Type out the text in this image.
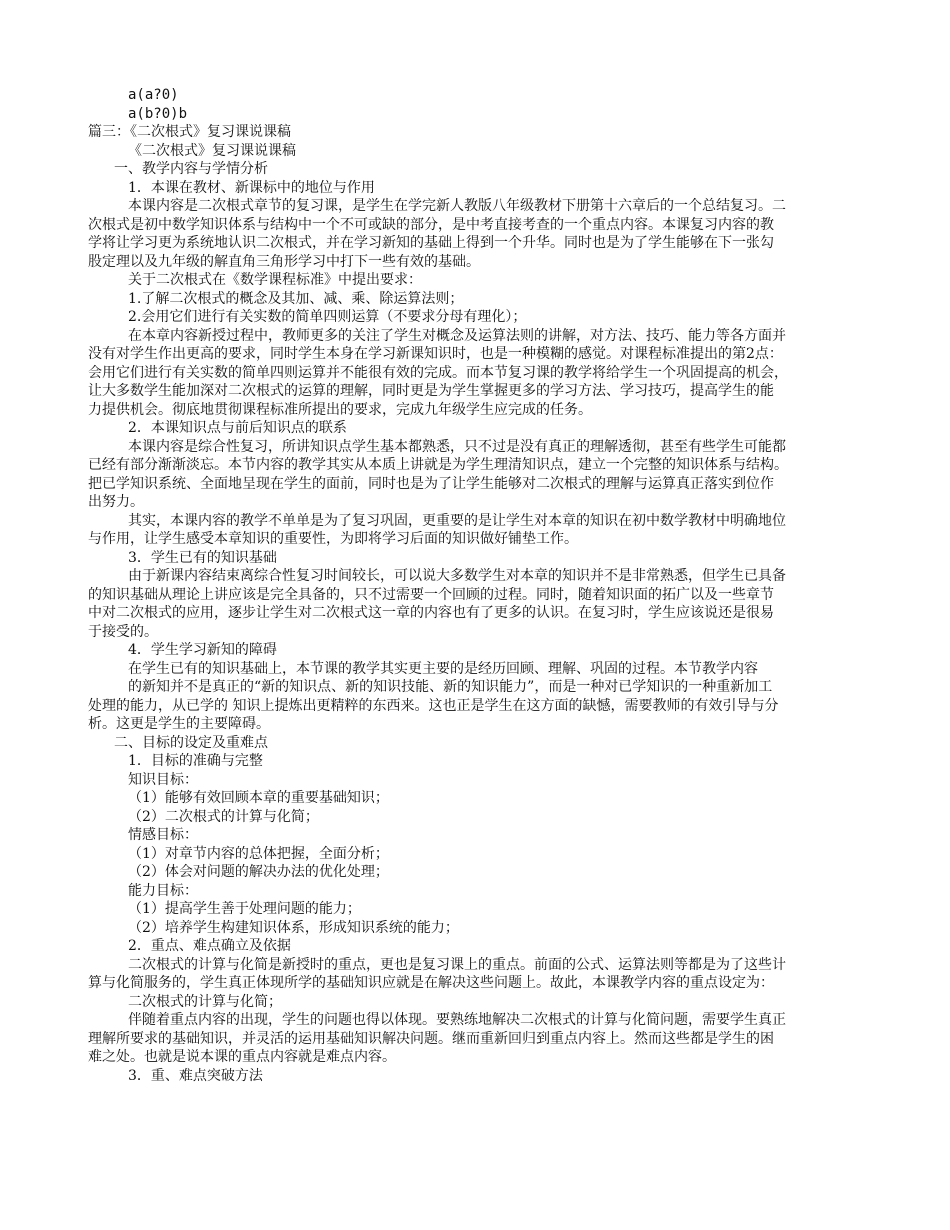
a(a?0)
a(b?0)b
篇三：《二次根式》复习课说课稿
《二次根式》复习课说课稿
一、教学内容与学情分析
1．本课在教材、新课标中的地位与作用
本课内容是二次根式章节的复习课，是学生在学完新人教版八年级教材下册第十六章后的一个总结复习。二
次根式是初中数学知识体系与结构中一个不可或缺的部分，是中考直接考查的一个重点内容。本课复习内容的教
学将让学习更为系统地认识二次根式，并在学习新知的基础上得到一个升华。同时也是为了学生能够在下一张勾
股定理以及九年级的解直角三角形学习中打下一些有效的基础。
关于二次根式在《数学课程标准》中提出要求：
1.了解二次根式的概念及其加、减、乘、除运算法则；
2.会用它们进行有关实数的简单四则运算（不要求分母有理化）；
在本章内容新授过程中，教师更多的关注了学生对概念及运算法则的讲解，对方法、技巧、能力等各方面并
没有对学生作出更高的要求，同时学生本身在学习新课知识时，也是一种模糊的感觉。对课程标准提出的第2点：
会用它们进行有关实数的简单四则运算并不能很有效的完成。而本节复习课的教学将给学生一个巩固提高的机会，
让大多数学生能加深对二次根式的运算的理解，同时更是为学生掌握更多的学习方法、学习技巧，提高学生的能
力提供机会。彻底地贯彻课程标准所提出的要求，完成九年级学生应完成的任务。
2．本课知识点与前后知识点的联系
本课内容是综合性复习，所讲知识点学生基本都熟悉，只不过是没有真正的理解透彻，甚至有些学生可能都
已经有部分渐渐淡忘。本节内容的教学其实从本质上讲就是为学生理清知识点，建立一个完整的知识体系与结构。
把已学知识系统、全面地呈现在学生的面前，同时也是为了让学生能够对二次根式的理解与运算真正落实到位作
出努力。
其实，本课内容的教学不单单是为了复习巩固，更重要的是让学生对本章的知识在初中数学教材中明确地位
与作用，让学生感受本章知识的重要性，为即将学习后面的知识做好铺垫工作。
3．学生已有的知识基础
由于新课内容结束离综合性复习时间较长，可以说大多数学生对本章的知识并不是非常熟悉，但学生已具备
的知识基础从理论上讲应该是完全具备的，只不过需要一个回顾的过程。同时，随着知识面的拓广以及一些章节
中对二次根式的应用，逐步让学生对二次根式这一章的内容也有了更多的认识。在复习时，学生应该说还是很易
于接受的。
4．学生学习新知的障碍
在学生已有的知识基础上，本节课的教学其实更主要的是经历回顾、理解、巩固的过程。本节教学内容
的新知并不是真正的“新的知识点、新的知识技能、新的知识能力”，而是一种对已学知识的一种重新加工
处理的能力，从已学的 知识上提炼出更精粹的东西来。这也正是学生在这方面的缺憾，需要教师的有效引导与分
析。这更是学生的主要障碍。
二、目标的设定及重难点
1．目标的准确与完整
知识目标：
（1）能够有效回顾本章的重要基础知识；
（2）二次根式的计算与化简；
情感目标：
（1）对章节内容的总体把握，全面分析；
（2）体会对问题的解决办法的优化处理；
能力目标：
（1）提高学生善于处理问题的能力；
（2）培养学生构建知识体系，形成知识系统的能力；
2．重点、难点确立及依据
二次根式的计算与化简是新授时的重点，更也是复习课上的重点。前面的公式、运算法则等都是为了这些计
算与化简服务的，学生真正体现所学的基础知识应就是在解决这些问题上。故此，本课教学内容的重点设定为：
二次根式的计算与化简；
伴随着重点内容的出现，学生的问题也得以体现。要熟练地解决二次根式的计算与化简问题，需要学生真正
理解所要求的基础知识，并灵活的运用基础知识解决问题。继而重新回归到重点内容上。然而这些都是学生的困
难之处。也就是说本课的重点内容就是难点内容。
3．重、难点突破方法
